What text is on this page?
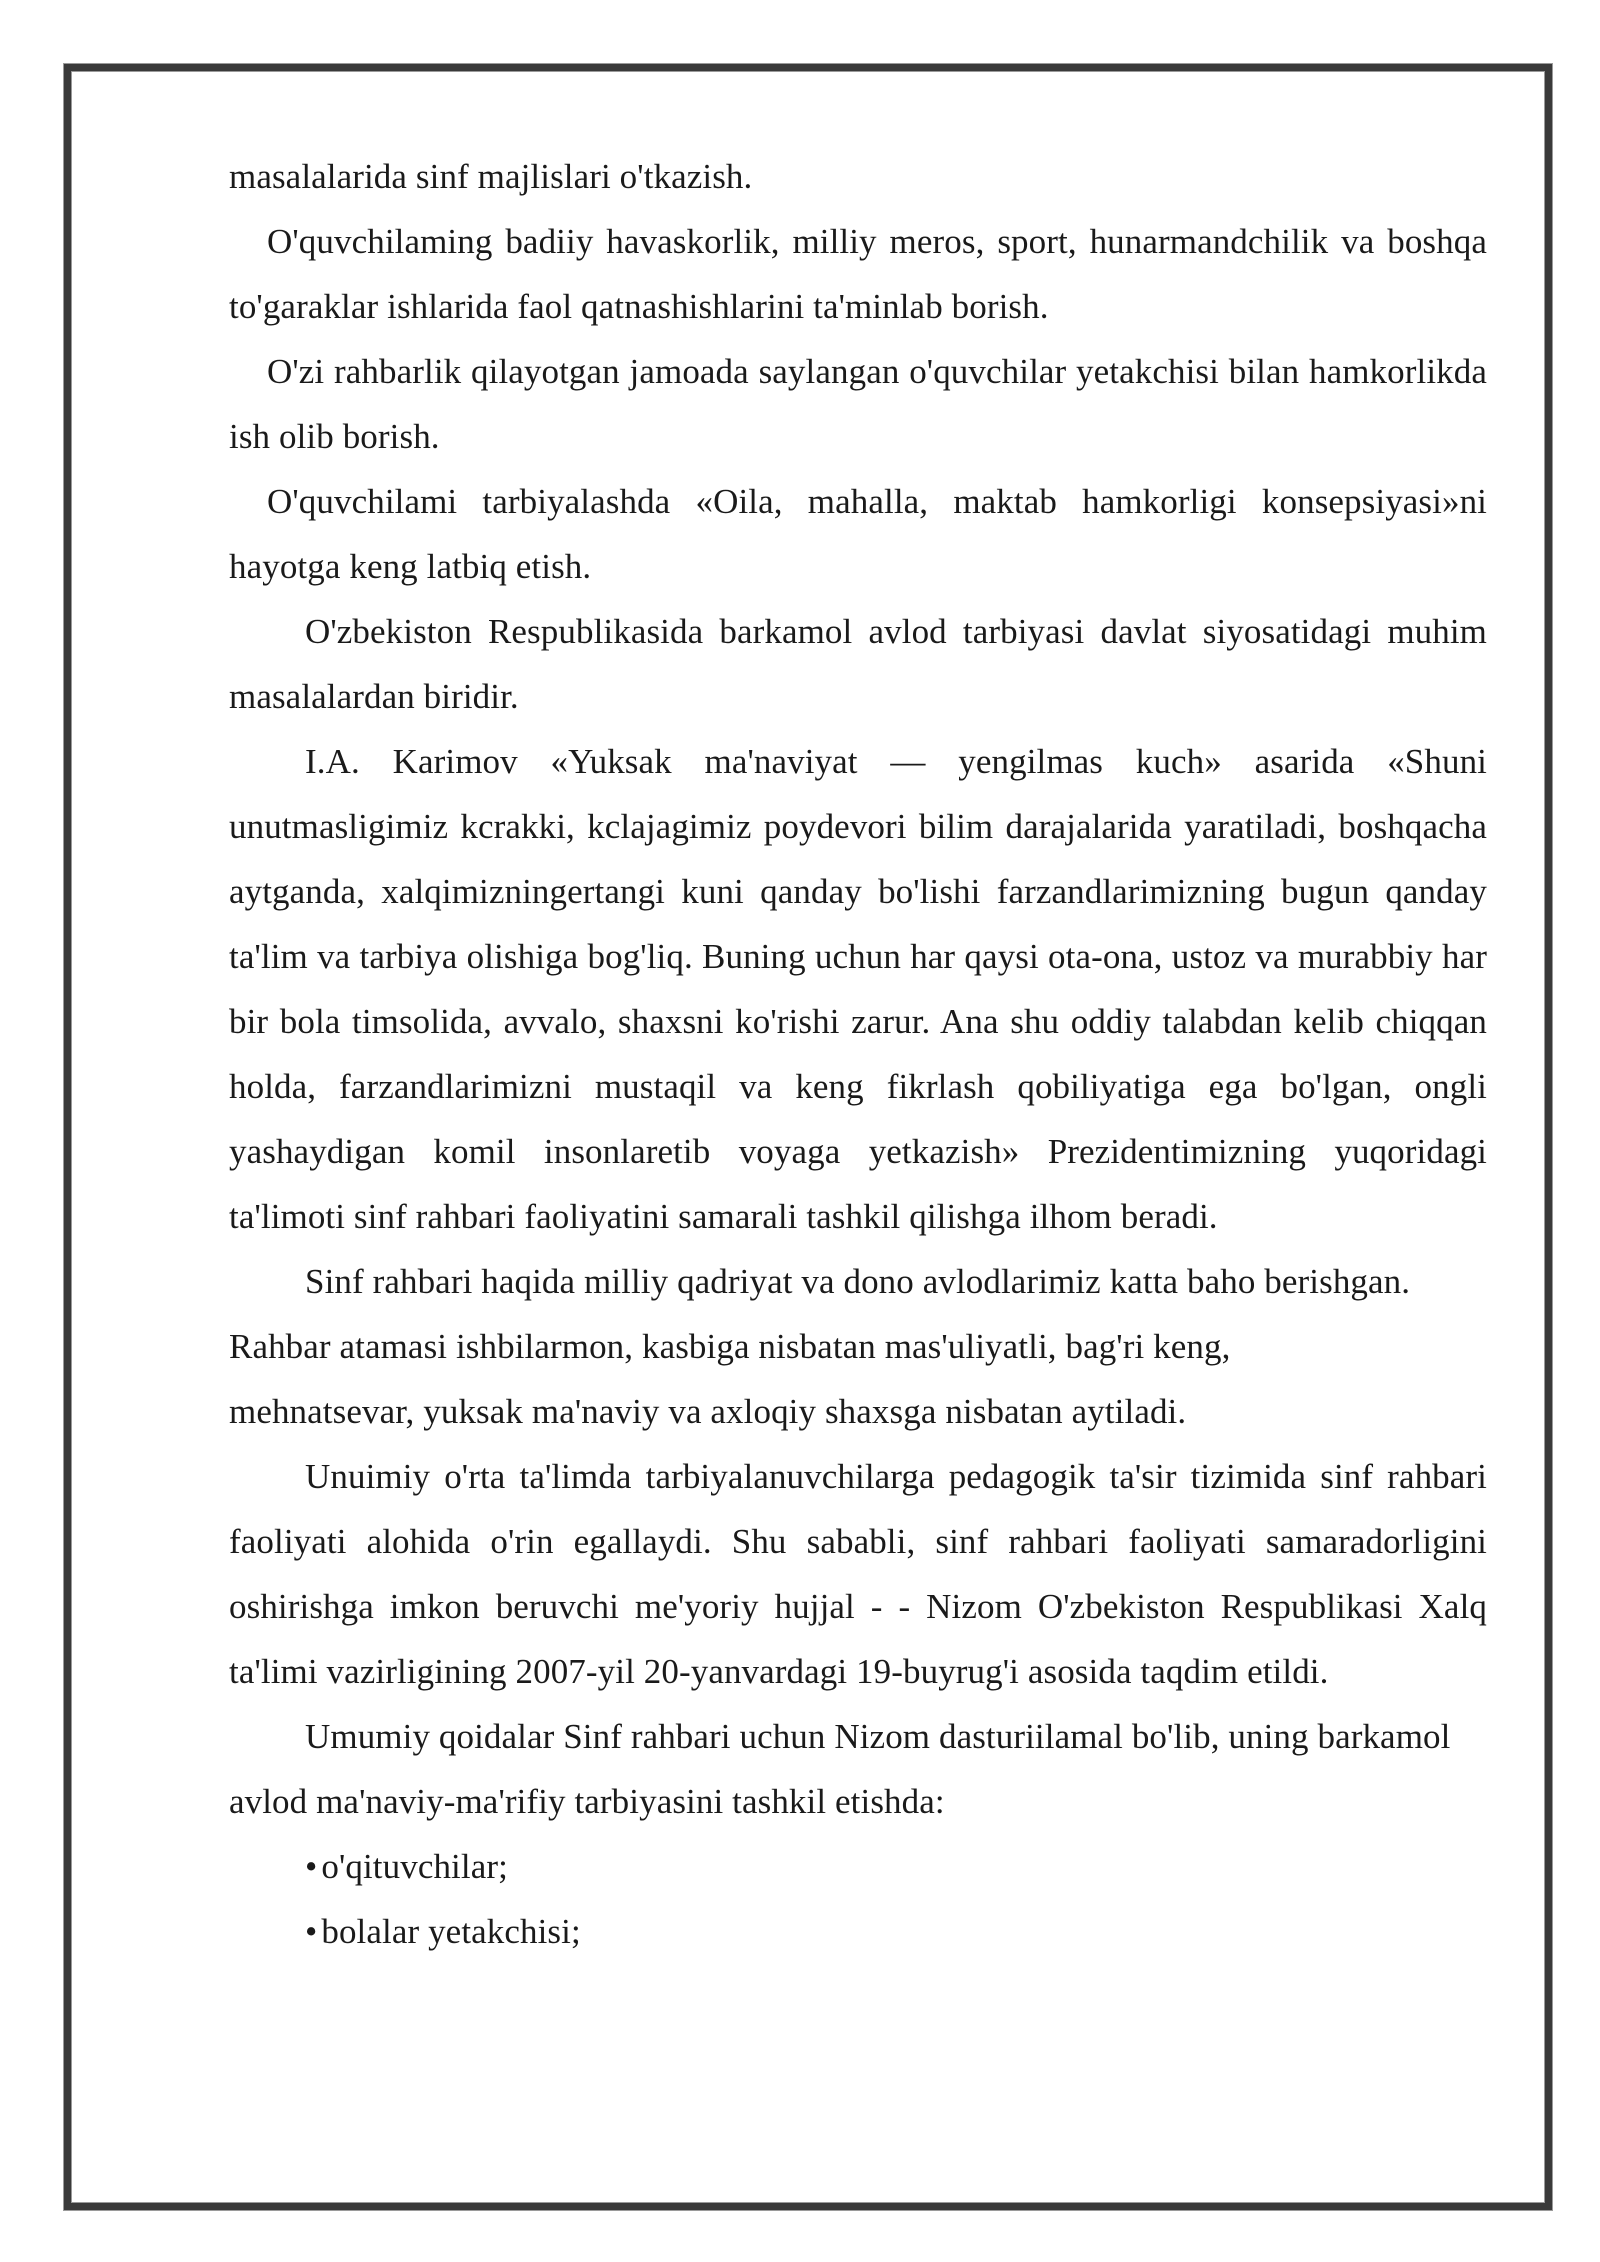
masalalarida sinf majlislari o'tkazish.

O'quvchilaming badiiy havaskorlik, milliy meros, sport, hunarmandchilik va boshqa to'garaklar ishlarida faol qatnashishlarini ta'minlab borish.

O'zi rahbarlik qilayotgan jamoada saylangan o'quvchilar yetakchisi bilan hamkorlikda ish olib borish.

O'quvchilami tarbiyalashda «Oila, mahalla, maktab hamkorligi konsepsiyasi»ni hayotga keng latbiq etish.

O'zbekiston Respublikasida barkamol avlod tarbiyasi davlat siyosatidagi muhim masalalardan biridir.

I.A. Karimov «Yuksak ma'naviyat — yengilmas kuch» asarida «Shuni unutmasligimiz kcrakki, kclajagimiz poydevori bilim darajalarida yaratiladi, boshqacha aytganda, xalqimizningertangi kuni qanday bo'lishi farzandlarimizning bugun qanday ta'lim va tarbiya olishiga bog'liq. Buning uchun har qaysi ota-ona, ustoz va murabbiy har bir bola timsolida, avvalo, shaxsni ko'rishi zarur. Ana shu oddiy talabdan kelib chiqqan holda, farzandlarimizni mustaqil va keng fikrlash qobiliyatiga ega bo'lgan, ongli yashaydigan komil insonlaretib voyaga yetkazish» Prezidentimizning yuqoridagi ta'limoti sinf rahbari faoliyatini samarali tashkil qilishga ilhom beradi.

Sinf rahbari haqida milliy qadriyat va dono avlodlarimiz katta baho berishgan.

Rahbar atamasi ishbilarmon, kasbiga nisbatan mas'uliyatli, bag'ri keng,

mehnatsevar, yuksak ma'naviy va axloqiy shaxsga nisbatan aytiladi.

Unuimiy o'rta ta'limda tarbiyalanuvchilarga pedagogik ta'sir tizimida sinf rahbari faoliyati alohida o'rin egallaydi. Shu sababli, sinf rahbari faoliyati samaradorligini oshirishga imkon beruvchi me'yoriy hujjal - - Nizom O'zbekiston Respublikasi Xalq ta'limi vazirligining 2007-yil 20-yanvardagi 19-buyrug'i asosida taqdim etildi.

Umumiy qoidalar Sinf rahbari uchun Nizom dasturiilamal bo'lib, uning barkamol avlod ma'naviy-ma'rifiy tarbiyasini tashkil etishda:

• o'qituvchilar;

• bolalar yetakchisi;
